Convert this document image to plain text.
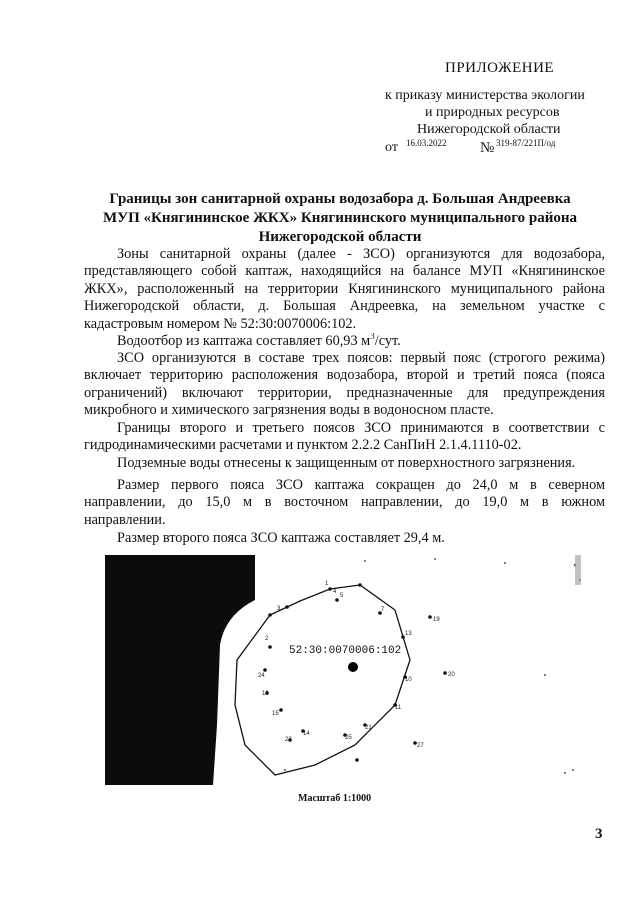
ПРИЛОЖЕНИЕ
к приказу министерства экологии
и природных ресурсов
Нижегородской области
от 16.03.2022 № 319-87/221П/од
Границы зон санитарной охраны водозабора д. Большая Андреевка
МУП «Княгининское ЖКХ» Княгининского муниципального района
Нижегородской области
Зоны санитарной охраны (далее - ЗСО) организуются для водозабора,
представляющего собой каптаж, находящийся на балансе МУП «Княгининское
ЖКХ», расположенный на территории Княгининского муниципального района
Нижегородской области, д. Большая Андреевка, на земельном участке с
кадастровым номером № 52:30:0070006:102.
Водоотбор из каптажа составляет 60,93 $м^3$/сут.
ЗСО организуются в составе трех поясов: первый пояс (строгого режима)
включает территорию расположения водозабора, второй и третий пояса (пояса
ограничений) включают территории, предназначенные для предупреждения
микробного и химического загрязнения воды в водоносном пласте.
Границы второго и третьего поясов ЗСО принимаются в соответствии с
гидродинамическими расчетами и пунктом 2.2.2 СанПиН 2.1.4.1110-02.
Подземные воды отнесены к защищенным от поверхностного загрязнения.
Размер первого пояса ЗСО каптажа сокращен до 24,0 м в северном
направлении, до 15,0 м в восточном направлении, до 19,0 м в южном
направлении.
Размер второго пояса ЗСО каптажа составляет 29,4 м.
52:30:0070006:102
1
2
3
4
5
7
10
11
13
14
15
16
19
20
21
23
24
25
27
Масштаб 1:1000
3
